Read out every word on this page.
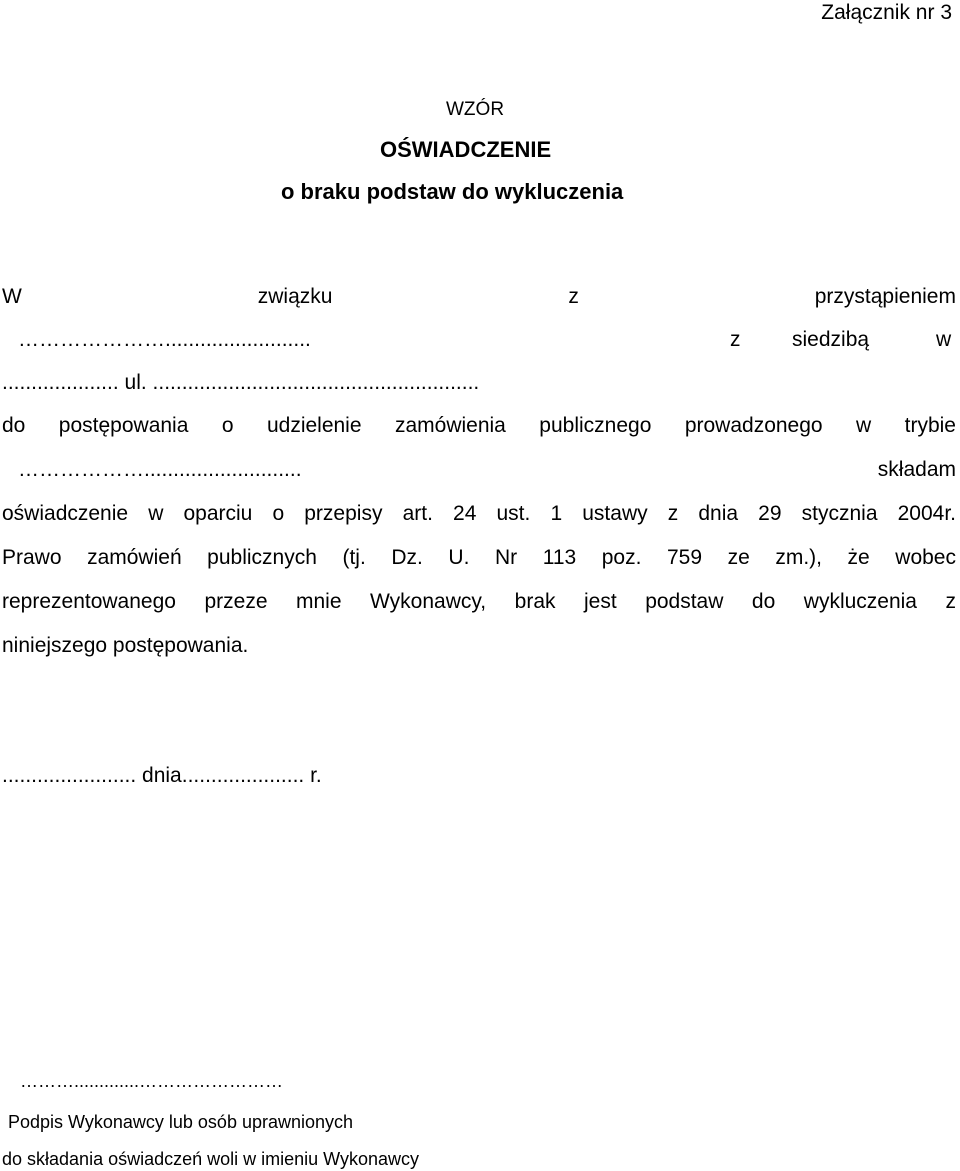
Załącznik nr 3
WZÓR
OŚWIADCZENIE
o braku podstaw do wykluczenia
W	związku	z	przystąpieniem
………………….........................	z siedzibą	w
.................... ul. ........................................................
do postępowania o udzielenie zamówienia publicznego prowadzonego w trybie
………………...........................	składam
oświadczenie w oparciu o przepisy art. 24 ust. 1 ustawy z dnia 29 stycznia 2004r.
Prawo zamówień publicznych (tj. Dz. U. Nr 113 poz. 759 ze zm.), że wobec
reprezentowanego przeze mnie Wykonawcy, brak jest podstaw do wykluczenia z
niniejszego postępowania.
....................... dnia..................... r.
……….............……………………
Podpis Wykonawcy lub osób uprawnionych
do składania oświadczeń woli w imieniu Wykonawcy
